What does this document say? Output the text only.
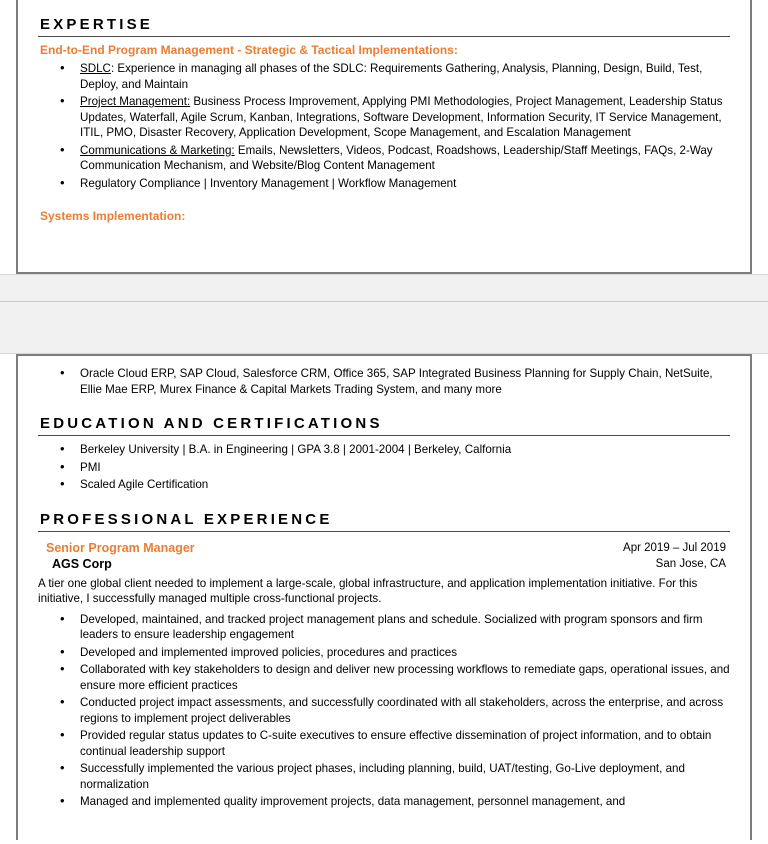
EXPERTISE
End-to-End Program Management - Strategic & Tactical Implementations:
• SDLC: Experience in managing all phases of the SDLC: Requirements Gathering, Analysis, Planning, Design, Build, Test, Deploy, and Maintain
• Project Management: Business Process Improvement, Applying PMI Methodologies, Project Management, Leadership Status Updates, Waterfall, Agile Scrum, Kanban, Integrations, Software Development, Information Security, IT Service Management, ITIL, PMO, Disaster Recovery, Application Development, Scope Management, and Escalation Management
• Communications & Marketing: Emails, Newsletters, Videos, Podcast, Roadshows, Leadership/Staff Meetings, FAQs, 2-Way Communication Mechanism, and Website/Blog Content Management
• Regulatory Compliance | Inventory Management | Workflow Management
Systems Implementation:
• Oracle Cloud ERP, SAP Cloud, Salesforce CRM, Office 365, SAP Integrated Business Planning for Supply Chain, NetSuite, Ellie Mae ERP, Murex Finance & Capital Markets Trading System, and many more
EDUCATION AND CERTIFICATIONS
• Berkeley University | B.A. in Engineering | GPA 3.8 | 2001-2004 | Berkeley, Calfornia
• PMI
• Scaled Agile Certification
PROFESSIONAL EXPERIENCE
Senior Program Manager
AGS Corp
Apr 2019 – Jul 2019
San Jose, CA
A tier one global client needed to implement a large-scale, global infrastructure, and application implementation initiative. For this initiative, I successfully managed multiple cross-functional projects.
• Developed, maintained, and tracked project management plans and schedule. Socialized with program sponsors and firm leaders to ensure leadership engagement
• Developed and implemented improved policies, procedures and practices
• Collaborated with key stakeholders to design and deliver new processing workflows to remediate gaps, operational issues, and ensure more efficient practices
• Conducted project impact assessments, and successfully coordinated with all stakeholders, across the enterprise, and across regions to implement project deliverables
• Provided regular status updates to C-suite executives to ensure effective dissemination of project information, and to obtain continual leadership support
• Successfully implemented the various project phases, including planning, build, UAT/testing, Go-Live deployment, and normalization
• Managed and implemented quality improvement projects, data management, personnel management, and
